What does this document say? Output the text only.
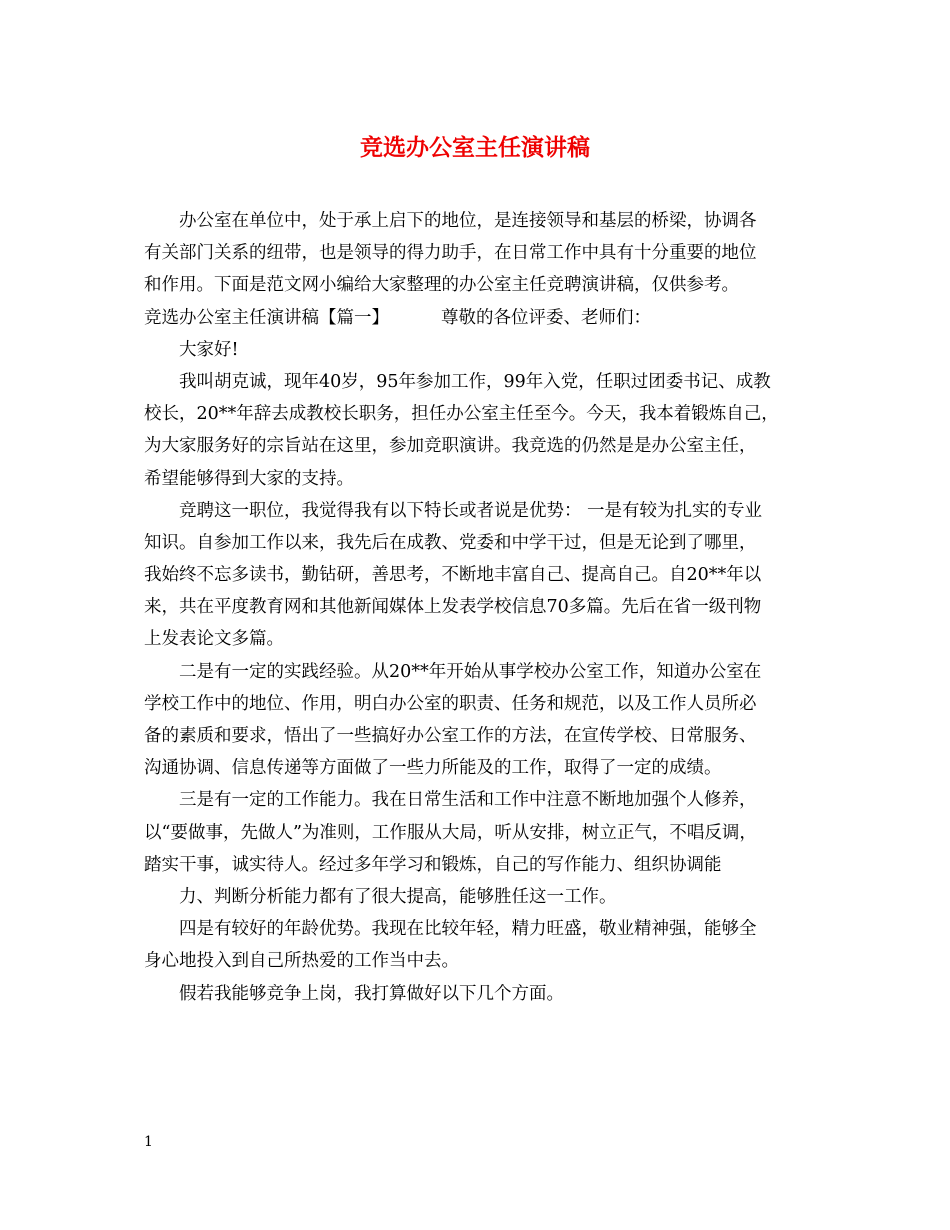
竞选办公室主任演讲稿
办公室在单位中，处于承上启下的地位，是连接领导和基层的桥梁，协调各
有关部门关系的纽带，也是领导的得力助手，在日常工作中具有十分重要的地位
和作用。下面是范文网小编给大家整理的办公室主任竞聘演讲稿，仅供参考。
竞选办公室主任演讲稿【篇一】	尊敬的各位评委、老师们：
大家好!
我叫胡克诚，现年40岁，95年参加工作，99年入党，任职过团委书记、成教
校长，20**年辞去成教校长职务，担任办公室主任至今。今天，我本着锻炼自己，
为大家服务好的宗旨站在这里，参加竞职演讲。我竞选的仍然是是办公室主任，
希望能够得到大家的支持。
竞聘这一职位，我觉得我有以下特长或者说是优势： 一是有较为扎实的专业
知识。自参加工作以来，我先后在成教、党委和中学干过，但是无论到了哪里，
我始终不忘多读书，勤钻研，善思考，不断地丰富自己、提高自己。自20**年以
来，共在平度教育网和其他新闻媒体上发表学校信息70多篇。先后在省一级刊物
上发表论文多篇。
二是有一定的实践经验。从20**年开始从事学校办公室工作，知道办公室在
学校工作中的地位、作用，明白办公室的职责、任务和规范，以及工作人员所必
备的素质和要求，悟出了一些搞好办公室工作的方法，在宣传学校、日常服务、
沟通协调、信息传递等方面做了一些力所能及的工作，取得了一定的成绩。
三是有一定的工作能力。我在日常生活和工作中注意不断地加强个人修养，
以“要做事，先做人”为准则，工作服从大局，听从安排，树立正气，不唱反调，
踏实干事，诚实待人。经过多年学习和锻炼，自己的写作能力、组织协调能
力、判断分析能力都有了很大提高，能够胜任这一工作。
四是有较好的年龄优势。我现在比较年轻，精力旺盛，敬业精神强，能够全
身心地投入到自己所热爱的工作当中去。
假若我能够竞争上岗，我打算做好以下几个方面。
1
